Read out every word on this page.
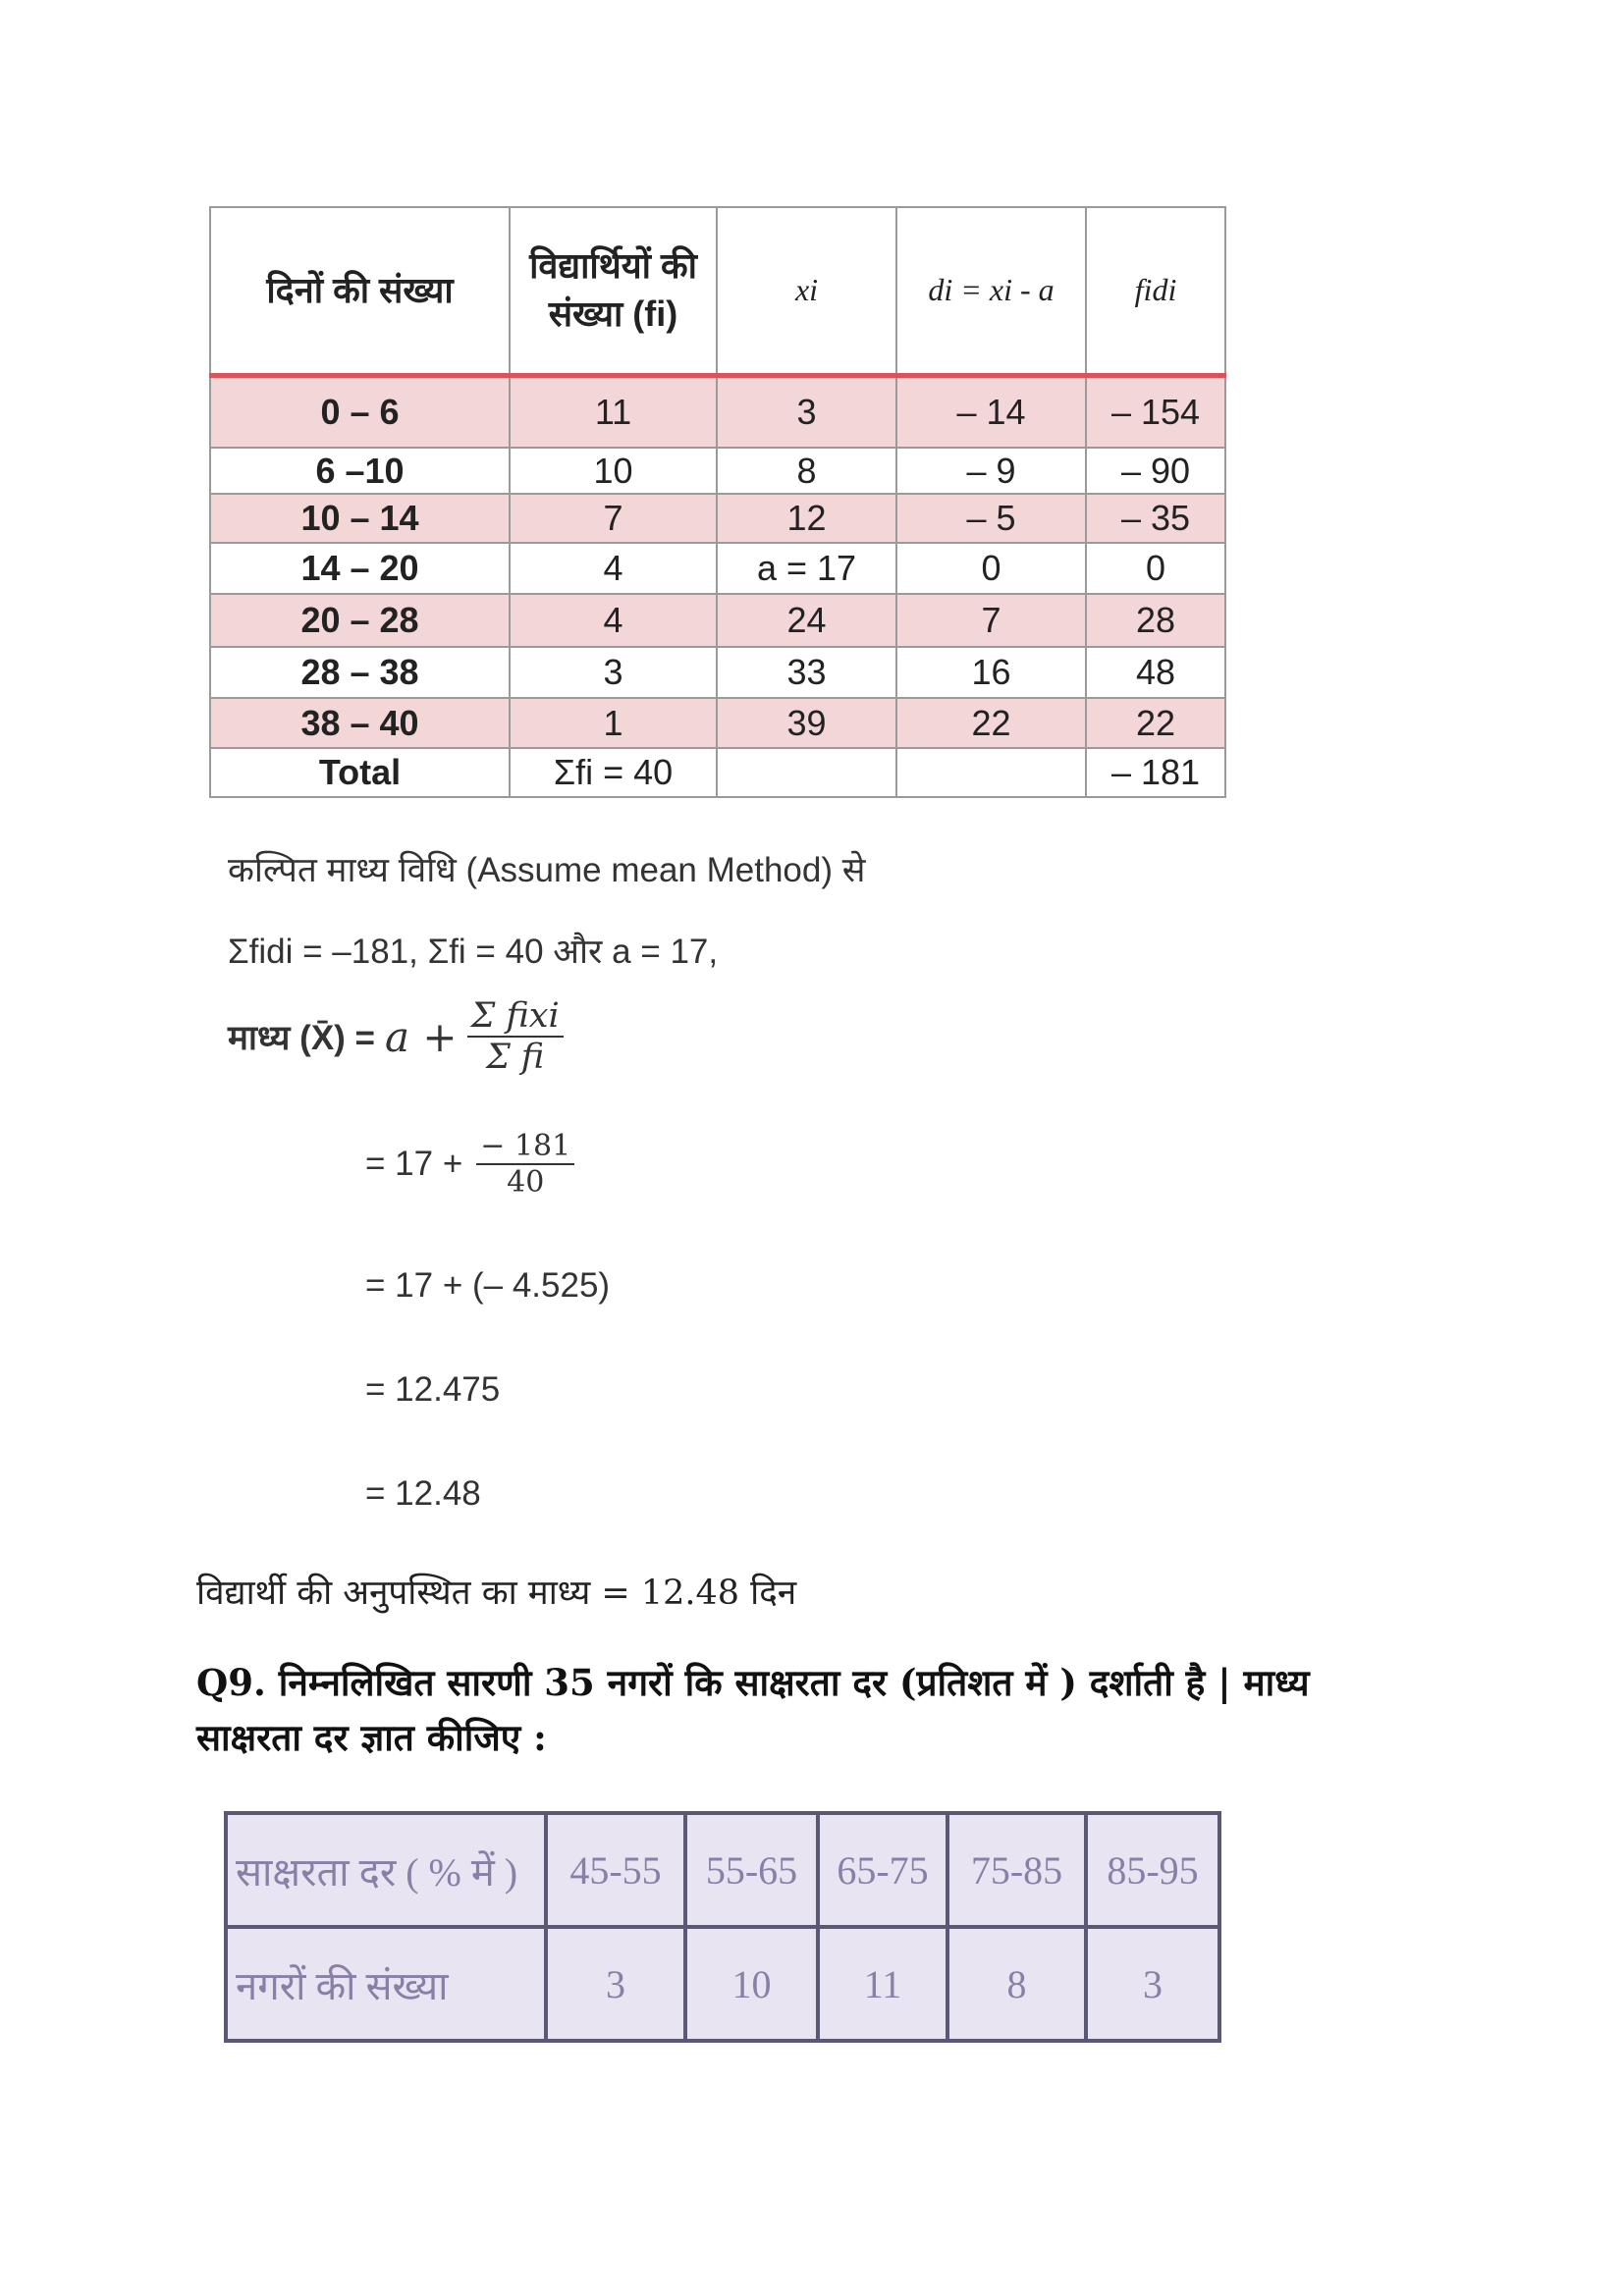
दिनों की संख्या	विद्यार्थियों की संख्या (fi)	xi	di = xi - a	fidi
0 – 6	11	3	– 14	– 154
6 –10	10	8	– 9	– 90
10 – 14	7	12	– 5	– 35
14 – 20	4	a = 17	0	0
20 – 28	4	24	7	28
28 – 38	3	33	16	48
38 – 40	1	39	22	22
Total	Σfi = 40			– 181
कल्पित माध्य विधि (Assume mean Method) से
Σfidi = –181, Σfi = 40 और a = 17,
माध्य (X̄) = $a + \frac{\text{Σ fixi}}{\text{Σ fi}}$
= $17 + \frac{- 181}{40}$
= 17 + (– 4.525)
= 12.475
= 12.48
विद्यार्थी की अनुपस्थित का माध्य = 12.48 दिन
Q9. निम्नलिखित सारणी 35 नगरों कि साक्षरता दर (प्रतिशत में ) दर्शाती है | माध्य
साक्षरता दर ज्ञात कीजिए :
साक्षरता दर ( % में )	45-55	55-65	65-75	75-85	85-95
नगरों की संख्या	3	10	11	8	3
